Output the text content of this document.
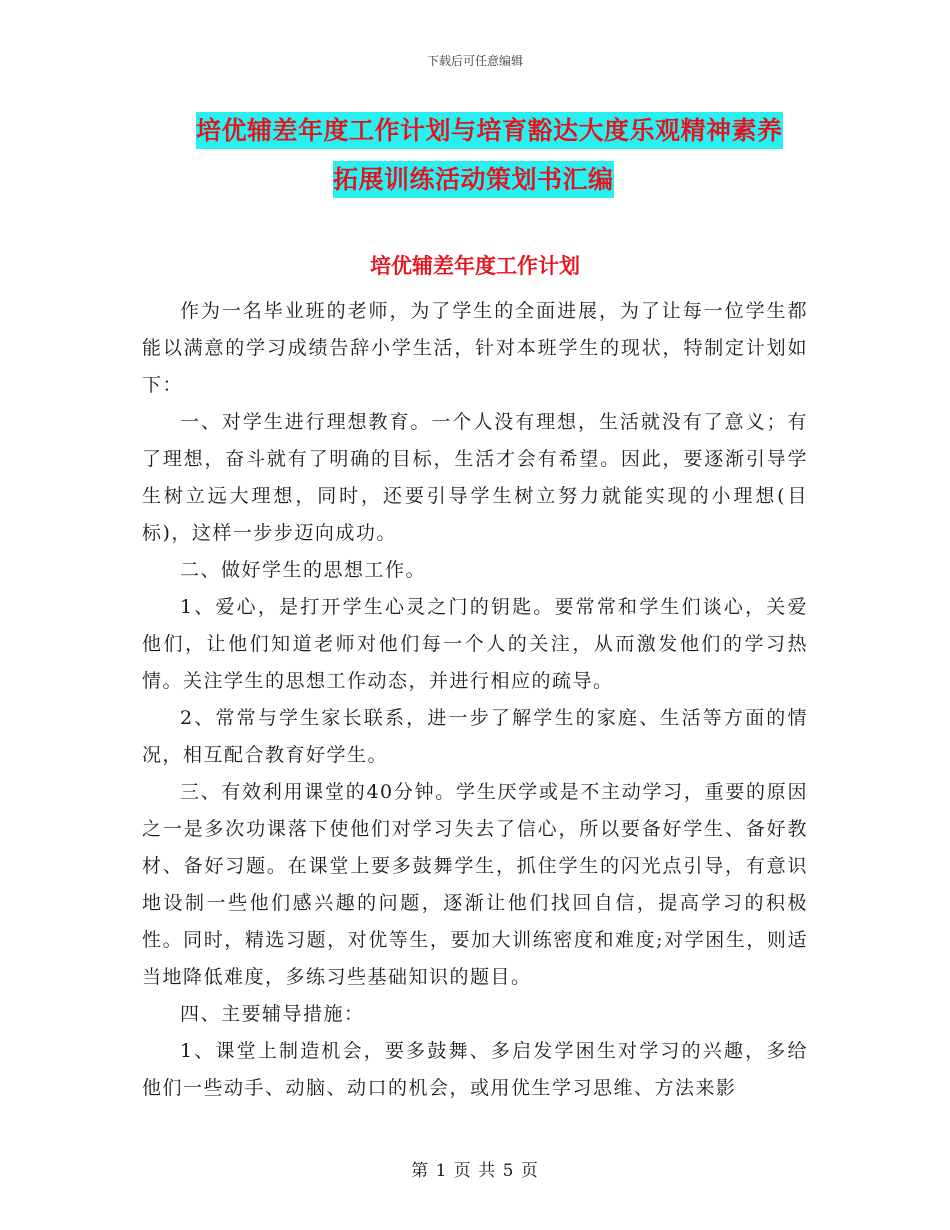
下载后可任意编辑
培优辅差年度工作计划与培育豁达大度乐观精神素养
拓展训练活动策划书汇编
培优辅差年度工作计划

作为一名毕业班的老师，为了学生的全面进展，为了让每一位学生都能以满意的学习成绩告辞小学生活，针对本班学生的现状，特制定计划如下：

一、对学生进行理想教育。一个人没有理想，生活就没有了意义；有了理想，奋斗就有了明确的目标，生活才会有希望。因此，要逐渐引导学生树立远大理想，同时，还要引导学生树立努力就能实现的小理想(目标)，这样一步步迈向成功。

二、做好学生的思想工作。

1、爱心，是打开学生心灵之门的钥匙。要常常和学生们谈心，关爱他们，让他们知道老师对他们每一个人的关注，从而激发他们的学习热情。关注学生的思想工作动态，并进行相应的疏导。

2、常常与学生家长联系，进一步了解学生的家庭、生活等方面的情况，相互配合教育好学生。

三、有效利用课堂的40分钟。学生厌学或是不主动学习，重要的原因之一是多次功课落下使他们对学习失去了信心，所以要备好学生、备好教材、备好习题。在课堂上要多鼓舞学生，抓住学生的闪光点引导，有意识地设制一些他们感兴趣的问题，逐渐让他们找回自信，提高学习的积极性。同时，精选习题，对优等生，要加大训练密度和难度;对学困生，则适当地降低难度，多练习些基础知识的题目。

四、主要辅导措施：

1、课堂上制造机会，要多鼓舞、多启发学困生对学习的兴趣，多给他们一些动手、动脑、动口的机会，或用优生学习思维、方法来影

第 1 页 共 5 页
